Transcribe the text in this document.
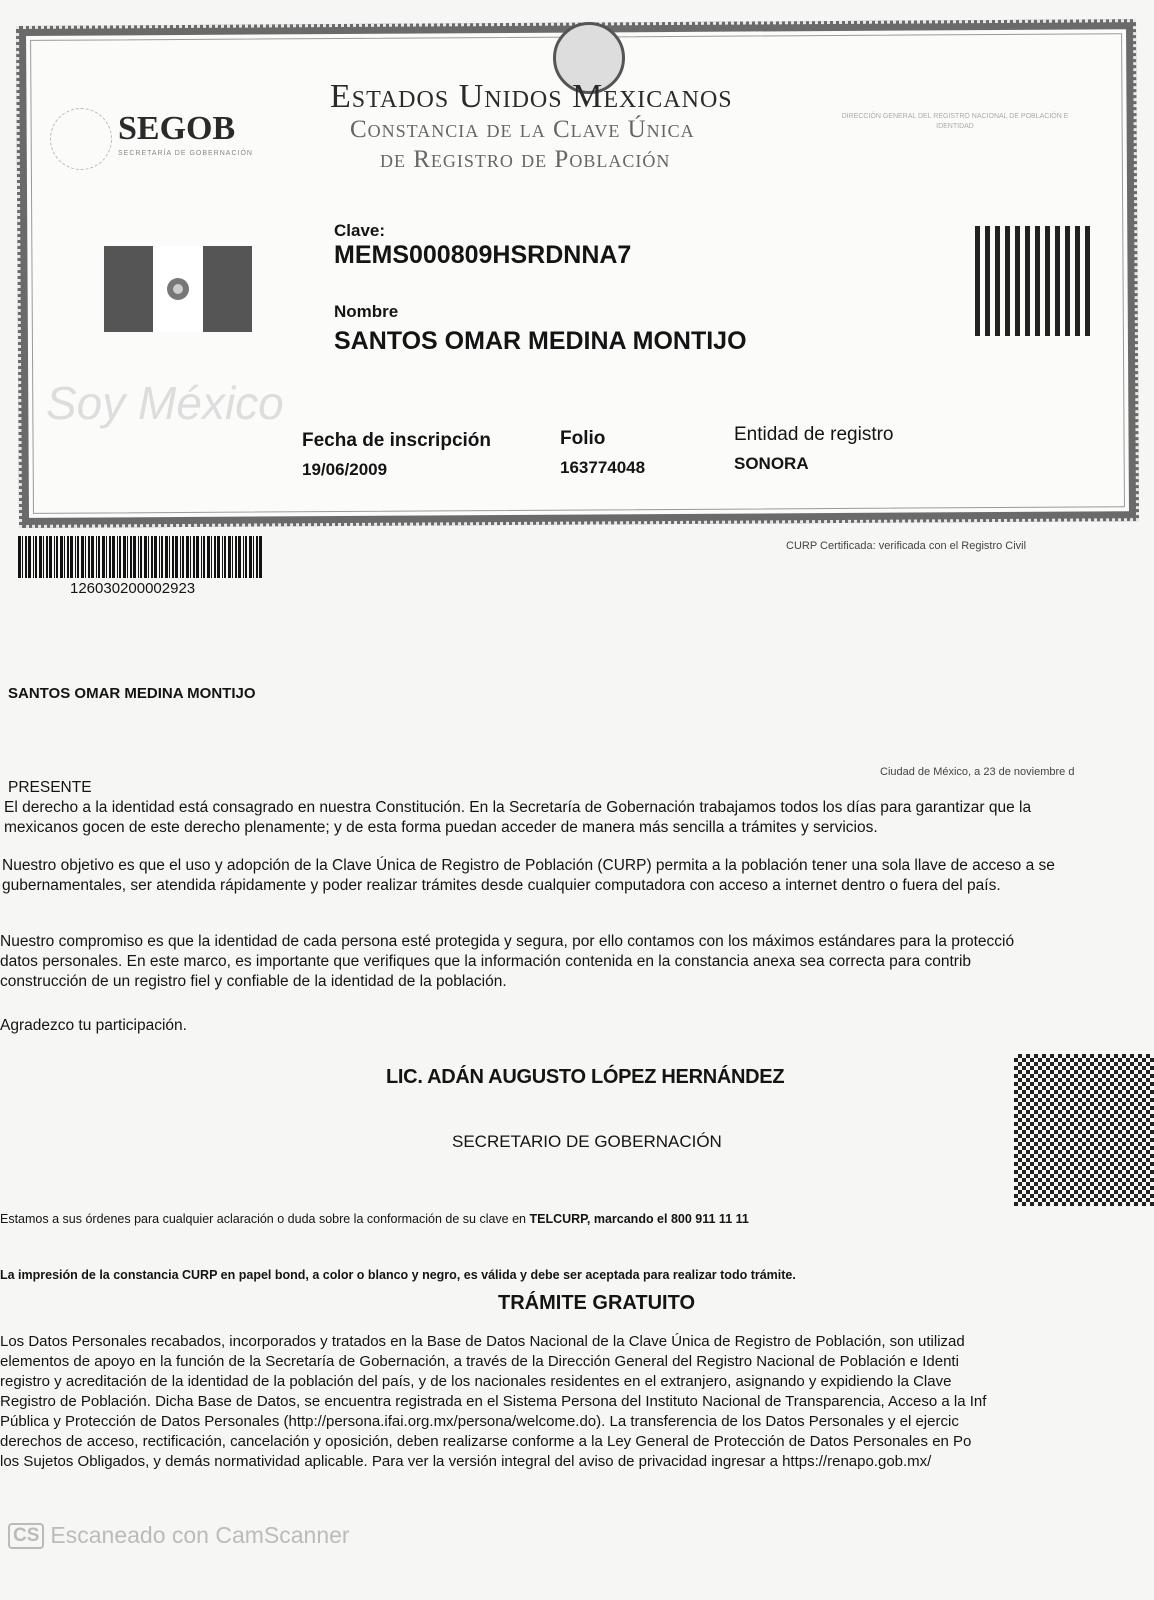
SEGOB
SECRETARÍA DE GOBERNACIÓN
Estados Unidos Mexicanos
Constancia de la Clave Única
de Registro de Población
DIRECCIÓN GENERAL DEL REGISTRO NACIONAL DE POBLACIÓN E IDENTIDAD
Soy México
Clave:
MEMS000809HSRDNNA7
Nombre
SANTOS OMAR MEDINA MONTIJO
Fecha de inscripción
19/06/2009
Folio
163774048
Entidad de registro
SONORA
126030200002923
CURP Certificada: verificada con el Registro Civil
SANTOS OMAR MEDINA MONTIJO
PRESENTE
Ciudad de México, a 23 de noviembre d
El derecho a la identidad está consagrado en nuestra Constitución. En la Secretaría de Gobernación trabajamos todos los días para garantizar que la
mexicanos gocen de este derecho plenamente; y de esta forma puedan acceder de manera más sencilla a trámites y servicios.
Nuestro objetivo es que el uso y adopción de la Clave Única de Registro de Población (CURP) permita a la población tener una sola llave de acceso a se
gubernamentales, ser atendida rápidamente y poder realizar trámites desde cualquier computadora con acceso a internet dentro o fuera del país.
Nuestro compromiso es que la identidad de cada persona esté protegida y segura, por ello contamos con los máximos estándares para la protecció
datos personales. En este marco, es importante que verifiques que la información contenida en la constancia anexa sea correcta para contrib
construcción de un registro fiel y confiable de la identidad de la población.
Agradezco tu participación.
LIC. ADÁN AUGUSTO LÓPEZ HERNÁNDEZ
SECRETARIO DE GOBERNACIÓN
Estamos a sus órdenes para cualquier aclaración o duda sobre la conformación de su clave en TELCURP, marcando el 800 911 11 11
La impresión de la constancia CURP en papel bond, a color o blanco y negro, es válida y debe ser aceptada para realizar todo trámite.
TRÁMITE GRATUITO
Los Datos Personales recabados, incorporados y tratados en la Base de Datos Nacional de la Clave Única de Registro de Población, son utilizad
elementos de apoyo en la función de la Secretaría de Gobernación, a través de la Dirección General del Registro Nacional de Población e Identi
registro y acreditación de la identidad de la población del país, y de los nacionales residentes en el extranjero, asignando y expidiendo la Clave
Registro de Población. Dicha Base de Datos, se encuentra registrada en el Sistema Persona del Instituto Nacional de Transparencia, Acceso a la Inf
Pública y Protección de Datos Personales (http://persona.ifai.org.mx/persona/welcome.do). La transferencia de los Datos Personales y el ejercic
derechos de acceso, rectificación, cancelación y oposición, deben realizarse conforme a la Ley General de Protección de Datos Personales en Po
los Sujetos Obligados, y demás normatividad aplicable. Para ver la versión integral del aviso de privacidad ingresar a https://renapo.gob.mx/
CS Escaneado con CamScanner
